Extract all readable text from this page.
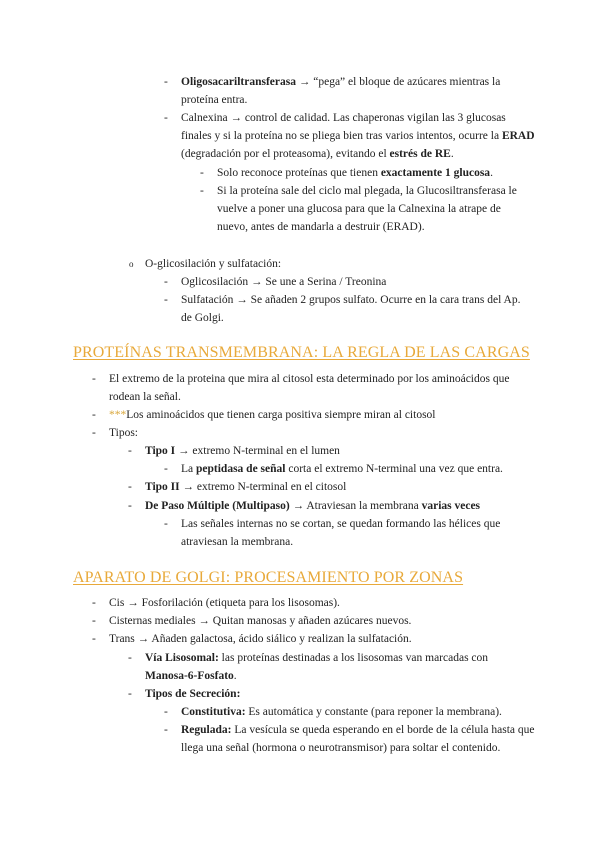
- Oligosacariltransferasa → “pega” el bloque de azúcares mientras la
proteína entra.
- Calnexina → control de calidad. Las chaperonas vigilan las 3 glucosas
finales y si la proteína no se pliega bien tras varios intentos, ocurre la ERAD
(degradación por el proteasoma), evitando el estrés de RE.
- Solo reconoce proteínas que tienen exactamente 1 glucosa.
- Si la proteína sale del ciclo mal plegada, la Glucosiltransferasa le
vuelve a poner una glucosa para que la Calnexina la atrape de
nuevo, antes de mandarla a destruir (ERAD).
o O-glicosilación y sulfatación:
- Oglicosilación → Se une a Serina / Treonina
- Sulfatación → Se añaden 2 grupos sulfato. Ocurre en la cara trans del Ap.
de Golgi.
PROTEÍNAS TRANSMEMBRANA: LA REGLA DE LAS CARGAS
- El extremo de la proteina que mira al citosol esta determinado por los aminoácidos que
rodean la señal.
- ***Los aminoácidos que tienen carga positiva siempre miran al citosol
- Tipos:
- Tipo I → extremo N-terminal en el lumen
- La peptidasa de señal corta el extremo N-terminal una vez que entra.
- Tipo II → extremo N-terminal en el citosol
- De Paso Múltiple (Multipaso) → Atraviesan la membrana varias veces
- Las señales internas no se cortan, se quedan formando las hélices que
atraviesan la membrana.
APARATO DE GOLGI: PROCESAMIENTO POR ZONAS
- Cis → Fosforilación (etiqueta para los lisosomas).
- Cisternas mediales → Quitan manosas y añaden azúcares nuevos.
- Trans → Añaden galactosa, ácido siálico y realizan la sulfatación.
- Vía Lisosomal: las proteínas destinadas a los lisosomas van marcadas con
Manosa-6-Fosfato.
- Tipos de Secreción:
- Constitutiva: Es automática y constante (para reponer la membrana).
- Regulada: La vesícula se queda esperando en el borde de la célula hasta que
llega una señal (hormona o neurotransmisor) para soltar el contenido.
